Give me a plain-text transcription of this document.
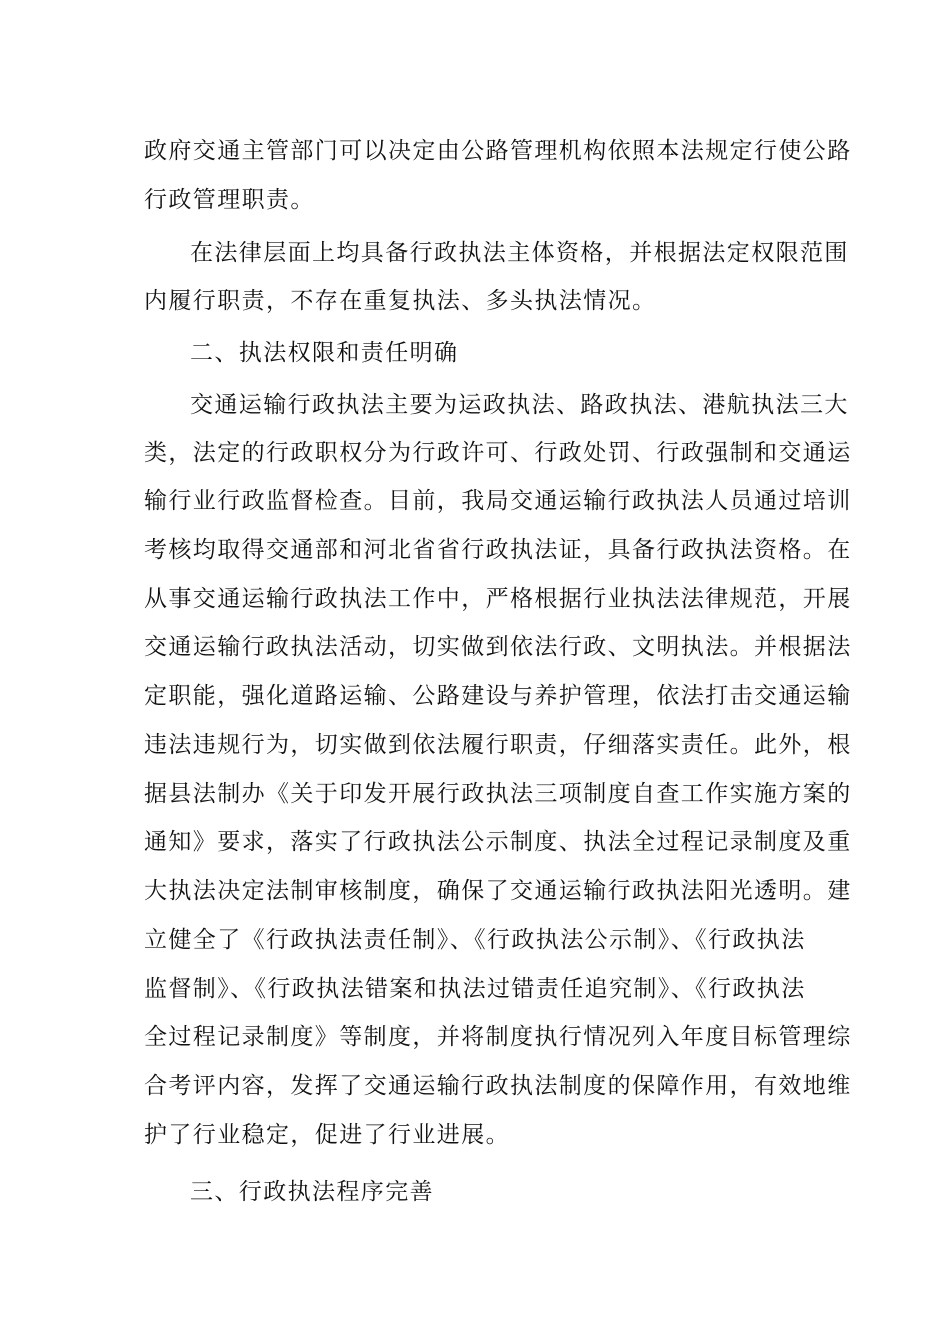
政府交通主管部门可以决定由公路管理机构依照本法规定行使公路
行政管理职责。
在法律层面上均具备行政执法主体资格，并根据法定权限范围
内履行职责，不存在重复执法、多头执法情况。
二、执法权限和责任明确
交通运输行政执法主要为运政执法、路政执法、港航执法三大
类，法定的行政职权分为行政许可、行政处罚、行政强制和交通运
输行业行政监督检查。目前，我局交通运输行政执法人员通过培训
考核均取得交通部和河北省省行政执法证，具备行政执法资格。在
从事交通运输行政执法工作中，严格根据行业执法法律规范，开展
交通运输行政执法活动，切实做到依法行政、文明执法。并根据法
定职能，强化道路运输、公路建设与养护管理，依法打击交通运输
违法违规行为，切实做到依法履行职责，仔细落实责任。此外，根
据县法制办《关于印发开展行政执法三项制度自查工作实施方案的
通知》要求，落实了行政执法公示制度、执法全过程记录制度及重
大执法决定法制审核制度，确保了交通运输行政执法阳光透明。建
立健全了《行政执法责任制》、《行政执法公示制》、《行政执法
监督制》、《行政执法错案和执法过错责任追究制》、《行政执法
全过程记录制度》等制度，并将制度执行情况列入年度目标管理综
合考评内容，发挥了交通运输行政执法制度的保障作用，有效地维
护了行业稳定，促进了行业进展。
三、行政执法程序完善
